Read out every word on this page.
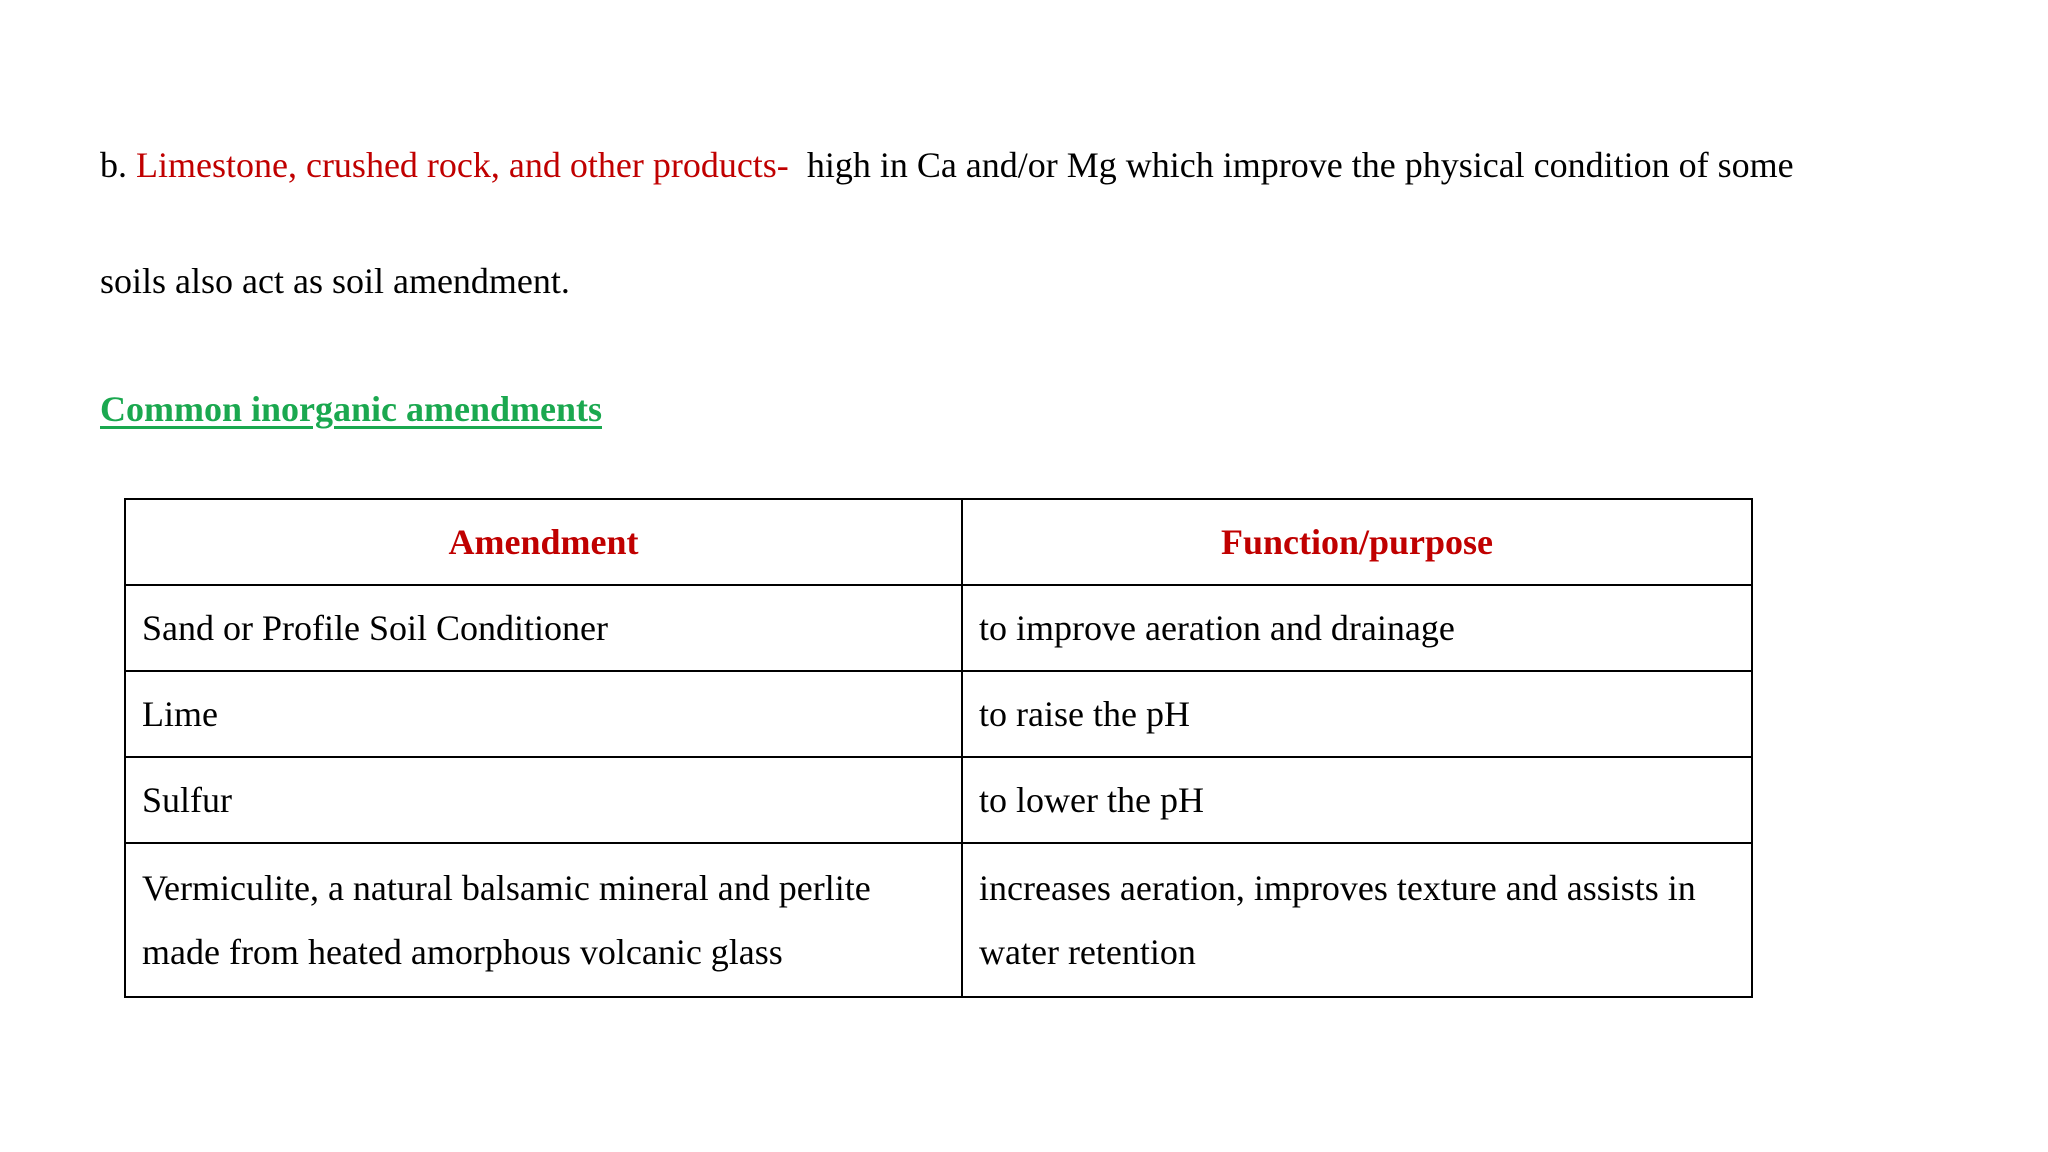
b. Limestone, crushed rock, and other products-  high in Ca and/or Mg which improve the physical condition of some
soils also act as soil amendment.
Common inorganic amendments
Amendment	Function/purpose
Sand or Profile Soil Conditioner	to improve aeration and drainage
Lime	to raise the pH
Sulfur	to lower the pH
Vermiculite, a natural balsamic mineral and perlite made from heated amorphous volcanic glass	increases aeration, improves texture and assists in water retention
